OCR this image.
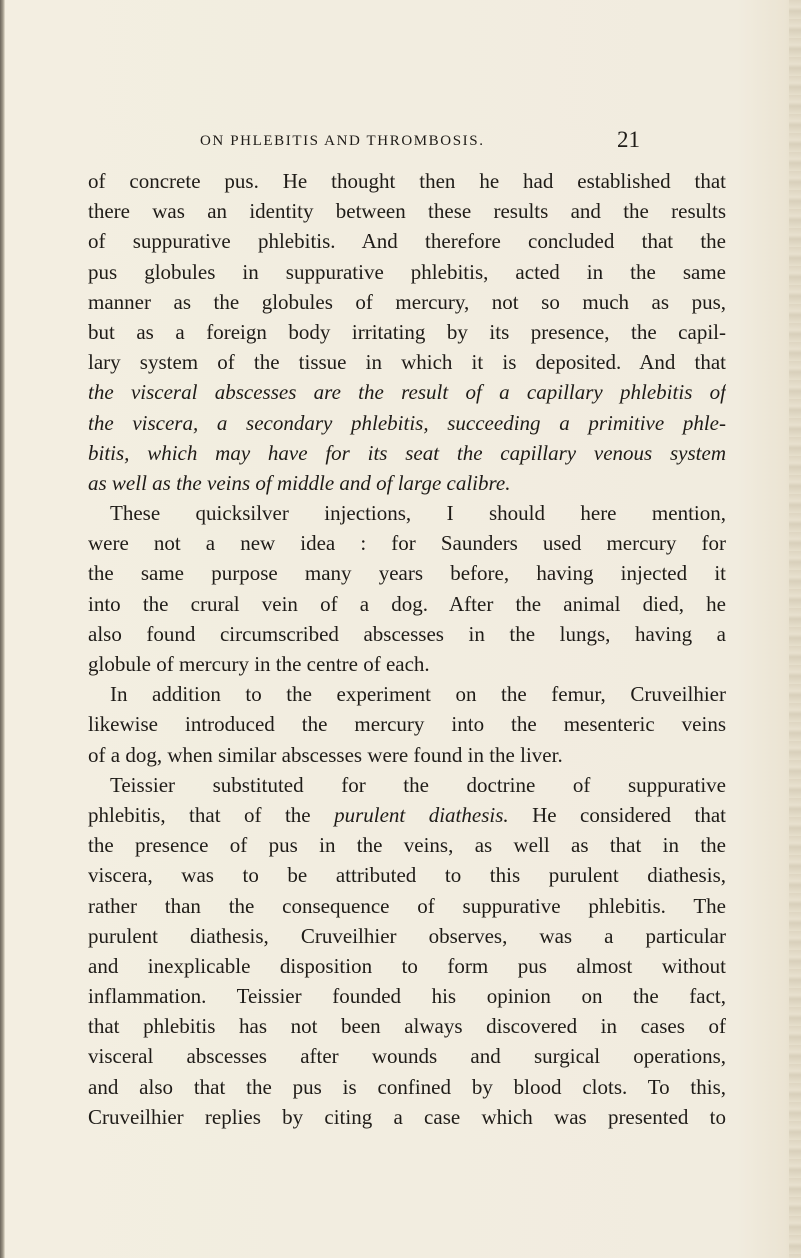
ON PHLEBITIS AND THROMBOSIS.	21
of concrete pus. He thought then he had established that
there was an identity between these results and the results
of suppurative phlebitis. And therefore concluded that the
pus globules in suppurative phlebitis, acted in the same
manner as the globules of mercury, not so much as pus,
but as a foreign body irritating by its presence, the capil-
lary system of the tissue in which it is deposited. And that
the visceral abscesses are the result of a capillary phlebitis of
the viscera, a secondary phlebitis, succeeding a primitive phle-
bitis, which may have for its seat the capillary venous system
as well as the veins of middle and of large calibre.
These quicksilver injections, I should here mention,
were not a new idea : for Saunders used mercury for
the same purpose many years before, having injected it
into the crural vein of a dog. After the animal died, he
also found circumscribed abscesses in the lungs, having a
globule of mercury in the centre of each.
In addition to the experiment on the femur, Cruveilhier
likewise introduced the mercury into the mesenteric veins
of a dog, when similar abscesses were found in the liver.
Teissier substituted for the doctrine of suppurative
phlebitis, that of the purulent diathesis. He considered that
the presence of pus in the veins, as well as that in the
viscera, was to be attributed to this purulent diathesis,
rather than the consequence of suppurative phlebitis. The
purulent diathesis, Cruveilhier observes, was a particular
and inexplicable disposition to form pus almost without
inflammation. Teissier founded his opinion on the fact,
that phlebitis has not been always discovered in cases of
visceral abscesses after wounds and surgical operations,
and also that the pus is confined by blood clots. To this,
Cruveilhier replies by citing a case which was presented to
